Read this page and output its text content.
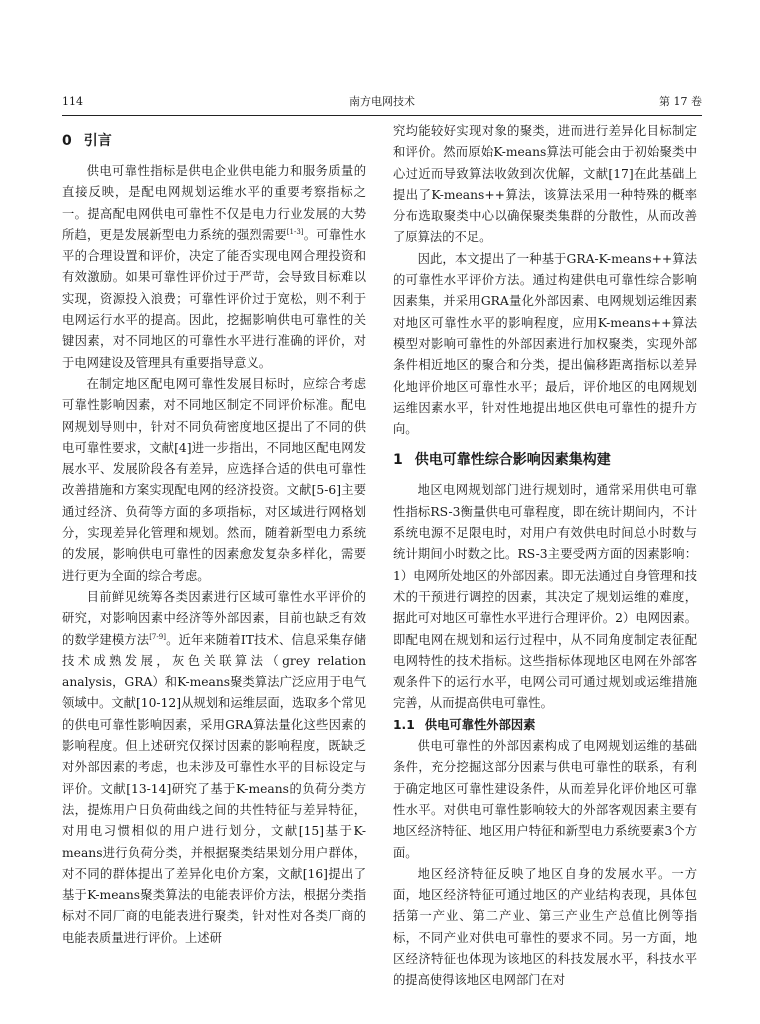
114	南方电网技术	第 17 卷
0 引言

供电可靠性指标是供电企业供电能力和服务质量的直接反映，是配电网规划运维水平的重要考察指标之一。提高配电网供电可靠性不仅是电力行业发展的大势所趋，更是发展新型电力系统的强烈需要[1-3]。可靠性水平的合理设置和评价，决定了能否实现电网合理投资和有效激励。如果可靠性评价过于严苛，会导致目标难以实现，资源投入浪费；可靠性评价过于宽松，则不利于电网运行水平的提高。因此，挖掘影响供电可靠性的关键因素，对不同地区的可靠性水平进行准确的评价，对于电网建设及管理具有重要指导意义。

在制定地区配电网可靠性发展目标时，应综合考虑可靠性影响因素，对不同地区制定不同评价标准。配电网规划导则中，针对不同负荷密度地区提出了不同的供电可靠性要求，文献[4]进一步指出，不同地区配电网发展水平、发展阶段各有差异，应选择合适的供电可靠性改善措施和方案实现配电网的经济投资。文献[5-6]主要通过经济、负荷等方面的多项指标，对区域进行网格划分，实现差异化管理和规划。然而，随着新型电力系统的发展，影响供电可靠性的因素愈发复杂多样化，需要进行更为全面的综合考虑。

目前鲜见统筹各类因素进行区域可靠性水平评价的研究，对影响因素中经济等外部因素，目前也缺乏有效的数学建模方法[7-9]。近年来随着IT技术、信息采集存储技术成熟发展，灰色关联算法（grey relation analysis，GRA）和K-means聚类算法广泛应用于电气领域中。文献[10-12]从规划和运维层面，选取多个常见的供电可靠性影响因素，采用GRA算法量化这些因素的影响程度。但上述研究仅探讨因素的影响程度，既缺乏对外部因素的考虑，也未涉及可靠性水平的目标设定与评价。文献[13-14]研究了基于K-means的负荷分类方法，提炼用户日负荷曲线之间的共性特征与差异特征，对用电习惯相似的用户进行划分，文献[15]基于K-means进行负荷分类，并根据聚类结果划分用户群体，对不同的群体提出了差异化电价方案，文献[16]提出了基于K-means聚类算法的电能表评价方法，根据分类指标对不同厂商的电能表进行聚类，针对性对各类厂商的电能表质量进行评价。上述研

究均能较好实现对象的聚类，进而进行差异化目标制定和评价。然而原始K-means算法可能会由于初始聚类中心过近而导致算法收敛到次优解，文献[17]在此基础上提出了K-means++算法，该算法采用一种特殊的概率分布选取聚类中心以确保聚类集群的分散性，从而改善了原算法的不足。

因此，本文提出了一种基于GRA-K-means++算法的可靠性水平评价方法。通过构建供电可靠性综合影响因素集，并采用GRA量化外部因素、电网规划运维因素对地区可靠性水平的影响程度，应用K-means++算法模型对影响可靠性的外部因素进行加权聚类，实现外部条件相近地区的聚合和分类，提出偏移距离指标以差异化地评价地区可靠性水平；最后，评价地区的电网规划运维因素水平，针对性地提出地区供电可靠性的提升方向。

1 供电可靠性综合影响因素集构建

地区电网规划部门进行规划时，通常采用供电可靠性指标RS-3衡量供电可靠程度，即在统计期间内，不计系统电源不足限电时，对用户有效供电时间总小时数与统计期间小时数之比。RS-3主要受两方面的因素影响：1）电网所处地区的外部因素。即无法通过自身管理和技术的干预进行调控的因素，其决定了规划运维的难度，据此可对地区可靠性水平进行合理评价。2）电网因素。即配电网在规划和运行过程中，从不同角度制定表征配电网特性的技术指标。这些指标体现地区电网在外部客观条件下的运行水平，电网公司可通过规划或运维措施完善，从而提高供电可靠性。

1.1 供电可靠性外部因素

供电可靠性的外部因素构成了电网规划运维的基础条件，充分挖掘这部分因素与供电可靠性的联系，有利于确定地区可靠性建设条件，从而差异化评价地区可靠性水平。对供电可靠性影响较大的外部客观因素主要有地区经济特征、地区用户特征和新型电力系统要素3个方面。

地区经济特征反映了地区自身的发展水平。一方面，地区经济特征可通过地区的产业结构表现，具体包括第一产业、第二产业、第三产业生产总值比例等指标，不同产业对供电可靠性的要求不同。另一方面，地区经济特征也体现为该地区的科技发展水平，科技水平的提高使得该地区电网部门在对
